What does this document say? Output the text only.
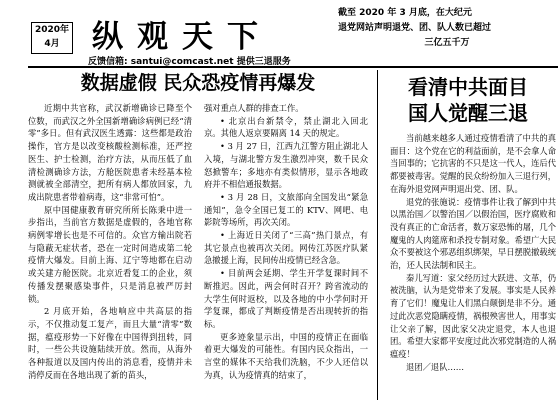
2020年
4月	纵观天下
反馈信箱: santui@comcast.net 提供三退服务
截至 2020 年 3 月底，在大纪元
退党网站声明退党、团、队人数已超过
三亿五千万
数据虚假 民众恐疫情再爆发

近期中共官称，武汉新增确诊已降至个位数，而武汉之外全国新增确诊病例已经“清零”多日。但有武汉医生透露：这些都是政治操作，官方是以改变核酸检测标准，还严控医生、护士检测，治疗方法，从而压低了血清检测确诊方法，方舱医院患者未经基本检测就被全部清空，把所有病人都放回家，九成出院患者带着病毒，这“非常可怕”。

原中国健康教育研究所所长陈秉中进一步指出，当前官方数据是虚假的，各地官称病例零增长也是不可信的。众官方输出院若与隐蔽无症状者，恐在一定时间造成第二轮疫情大爆发。目前上海、辽宁等地都在启动或关建方舱医院。北京近看复工的企业，须传播发摆聚感染事件，只是消息被严厉封锁。

2 月底开始，各地响应中共高层的指示，不仅推动复工复产，而且大量“清零”数据，瘟疫形势一下好像在中国得到扭转，同时，一些公共设施陆续开放。然而，从海外各种报道以及国内传出的消息看，疫情并未消停反而在各地出现了新的苗头，

强对重点人群的排查工作。

• 北京出台新禁令，禁止湖北入回北京。其他人返京要隔离 14 天的规定。

• 3 月 27 日，江西九江警方阻止湖北人入境，与湖北警方发生激烈冲突，数千民众怒掀警车；多地亦有类似情形，显示各地政府并不相信通报数据。

• 3 月 28 日，文旅部向全国发出“紧急通知”，急令全国已复工的 KTV、网吧、电影院等场所，再次关闭。

• 上海近日关闭了“三高”热门景点，有其它景点也被再次关闭。网传江苏医疗队紧急撤援上海，民间传出疫情已经含急。

• 目前两会延期、学生开学复课时间不断推迟。因此，两会何时召开？跨省流动的大学生何时返校，以及各地的中小学何时开学复课，都成了判断疫情是否出现转折的指标。

更多迹象显示出，中国的疫情正在面临着更大爆发的可能性。有国内民众指出，一言堂的媒体不天给我们洗脑，不少人还信以为真，认为疫情真的结束了，

看清中共面目
国人觉醒三退

当前越来越多人通过疫情看清了中共的真面目：这个党在它的利益面前，是不会拿人命当回事的；它抗害的不只是这一代人，连后代都要被毒害。觉醒的民众纷纷加入三退行列，在海外退党网声明退出党、团、队。

退党的张施说：疫情事件让我了解到中共以黑治国／以警治国／以假治国，医疗腐败和没有真正的亡命活者，数万家恐怖的屠，几个魔鬼的人肉筵席和杀投专制对象。希望广大民众不要被这个邪恶组织绑架，早日摆脱撤载统治，还人民法制和民主。

秦儿写道：家父经历过大跃进、文革，仍被洗脑，认为是党带来了发展。事实是人民养育了它们！魔鬼让人们黑白颠倒是非不分。通过此次恶党隐瞒疫情，祸根殃害世人，用事实让父亲了解，因此家父决定退党，本人也退团。希望大家都平安度过此次邪党制造的人祸瘟疫！

退团／退队……
